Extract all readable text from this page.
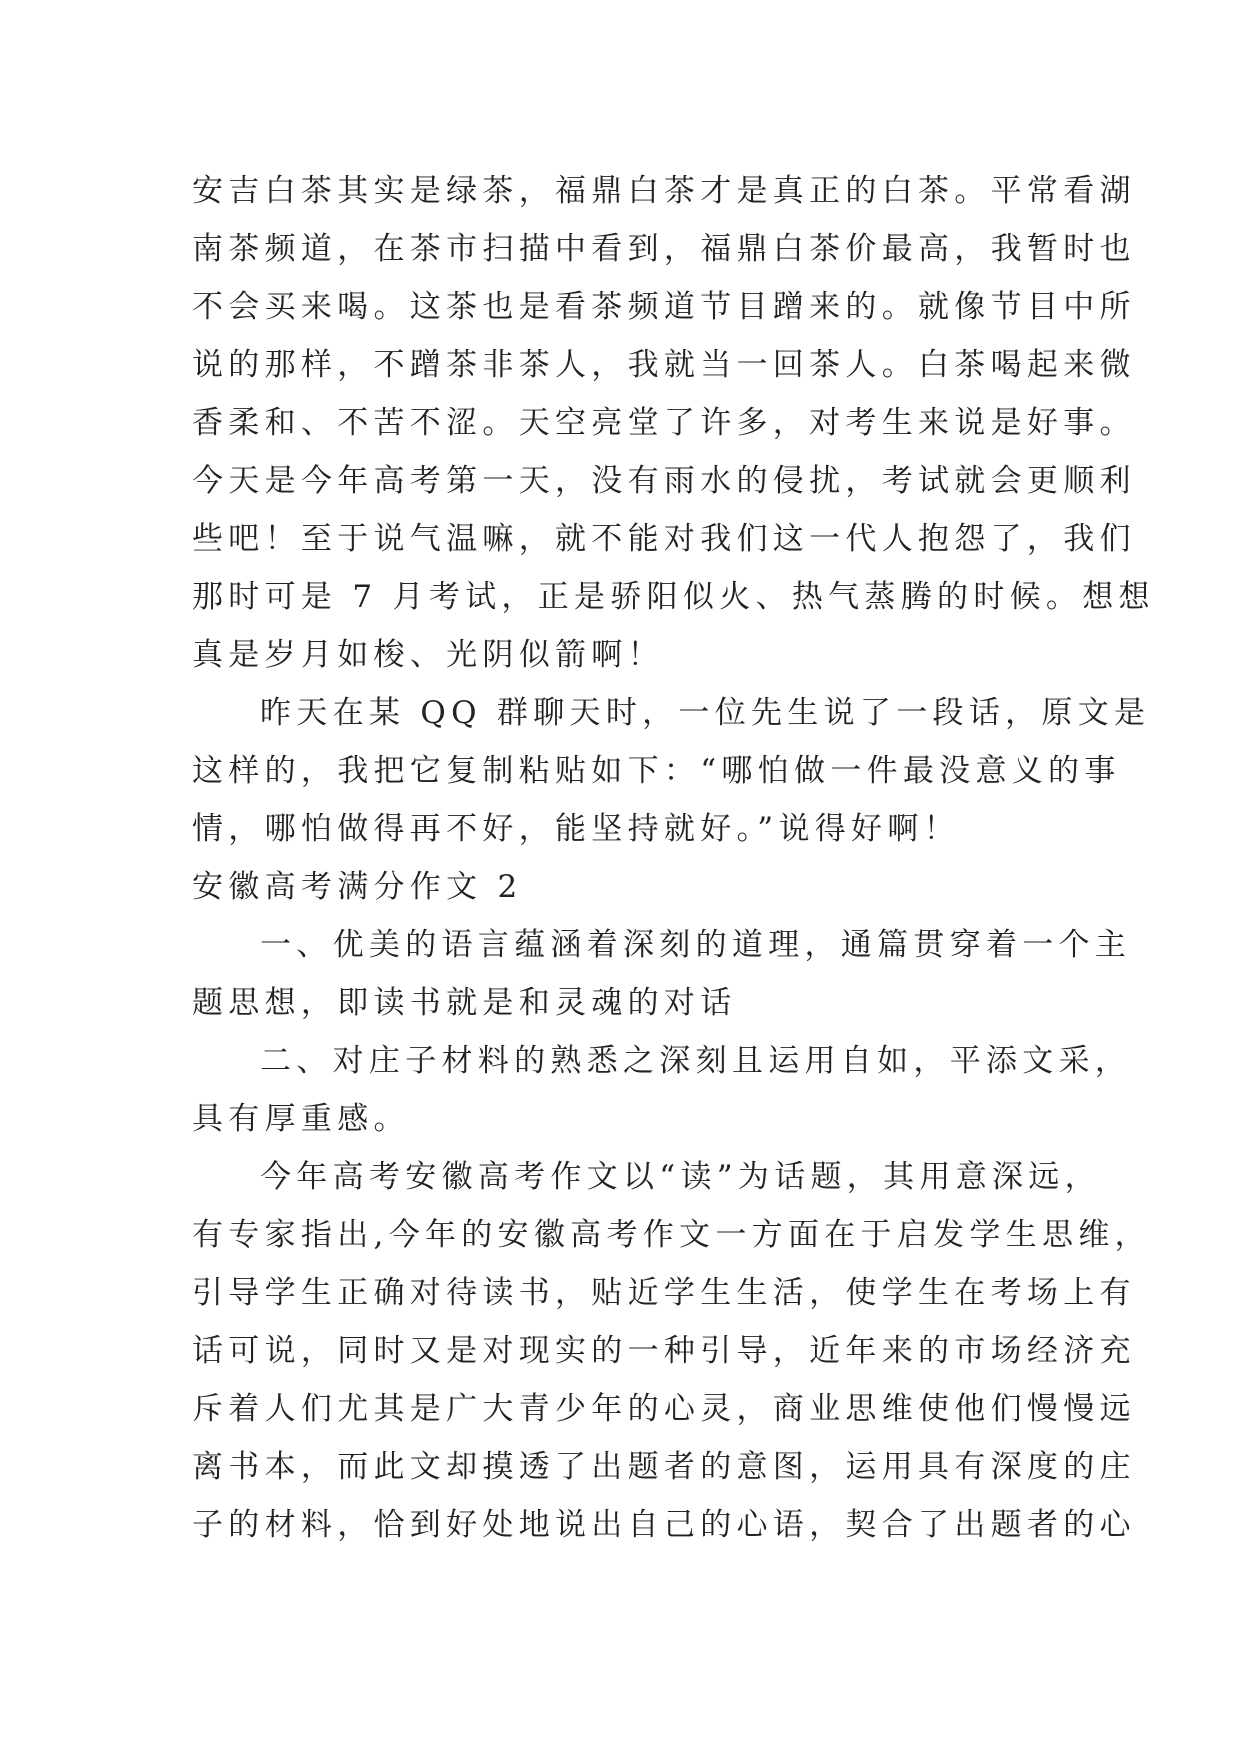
安吉白茶其实是绿茶，福鼎白茶才是真正的白茶。平常看湖
南茶频道，在茶市扫描中看到，福鼎白茶价最高，我暂时也
不会买来喝。这茶也是看茶频道节目蹭来的。就像节目中所
说的那样，不蹭茶非茶人，我就当一回茶人。白茶喝起来微
香柔和、不苦不涩。天空亮堂了许多，对考生来说是好事。
今天是今年高考第一天，没有雨水的侵扰，考试就会更顺利
些吧！至于说气温嘛，就不能对我们这一代人抱怨了，我们
那时可是 7 月考试，正是骄阳似火、热气蒸腾的时候。想想
真是岁月如梭、光阴似箭啊！
昨天在某 QQ 群聊天时，一位先生说了一段话，原文是
这样的，我把它复制粘贴如下：“哪怕做一件最没意义的事
情，哪怕做得再不好，能坚持就好。”说得好啊！
安徽高考满分作文 2
一、优美的语言蕴涵着深刻的道理，通篇贯穿着一个主
题思想，即读书就是和灵魂的对话
二、对庄子材料的熟悉之深刻且运用自如，平添文采，
具有厚重感。
今年高考安徽高考作文以“读”为话题，其用意深远，
有专家指出,今年的安徽高考作文一方面在于启发学生思维，
引导学生正确对待读书，贴近学生生活，使学生在考场上有
话可说，同时又是对现实的一种引导，近年来的市场经济充
斥着人们尤其是广大青少年的心灵，商业思维使他们慢慢远
离书本，而此文却摸透了出题者的意图，运用具有深度的庄
子的材料，恰到好处地说出自己的心语，契合了出题者的心
